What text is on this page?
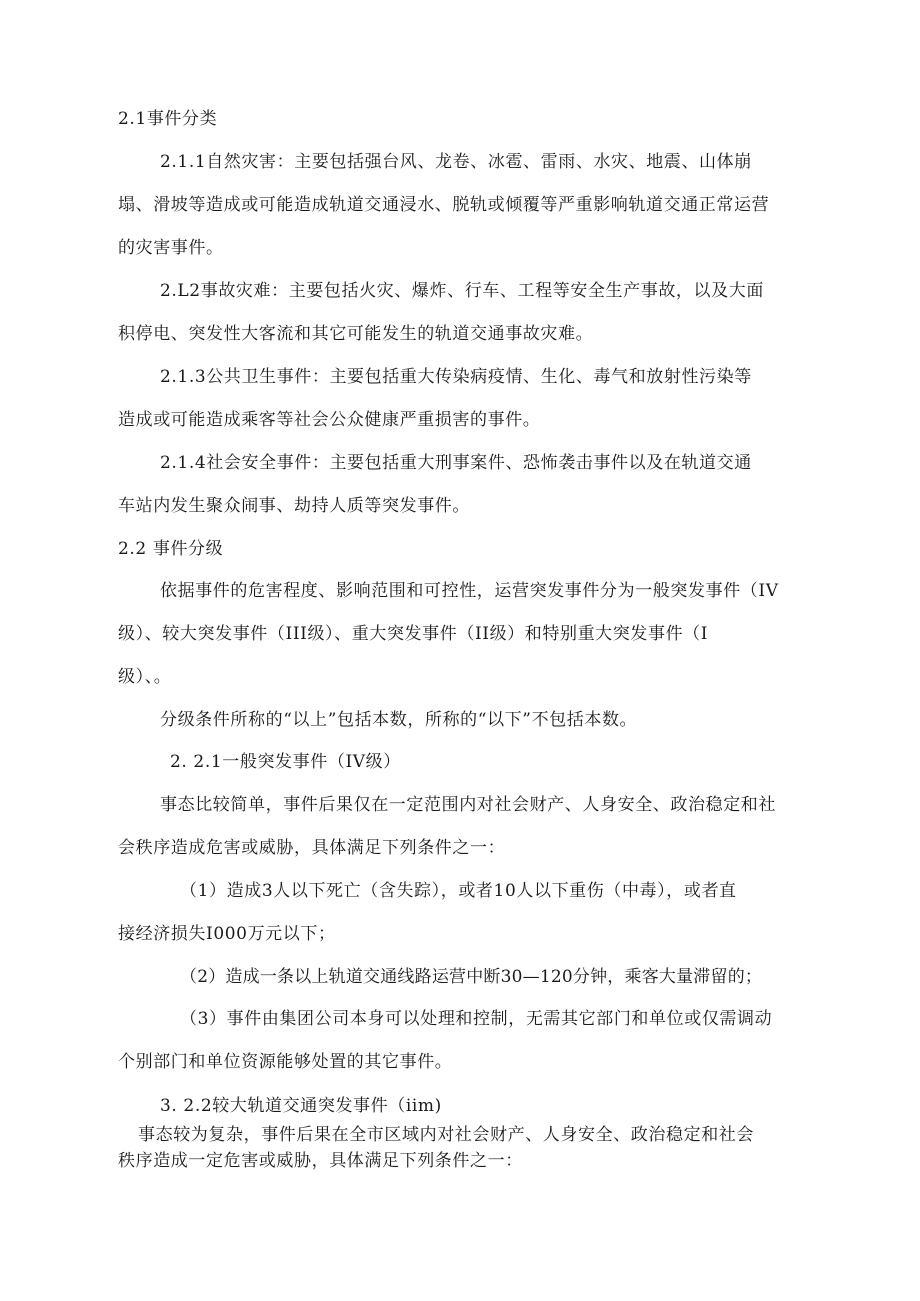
2.1事件分类
2.1.1自然灾害：主要包括强台风、龙卷、冰雹、雷雨、水灾、地震、山体崩
塌、滑坡等造成或可能造成轨道交通浸水、脱轨或倾覆等严重影响轨道交通正常运营
的灾害事件。
2.L2事故灾难：主要包括火灾、爆炸、行车、工程等安全生产事故，以及大面
积停电、突发性大客流和其它可能发生的轨道交通事故灾难。
2.1.3公共卫生事件：主要包括重大传染病疫情、生化、毒气和放射性污染等
造成或可能造成乘客等社会公众健康严重损害的事件。
2.1.4社会安全事件：主要包括重大刑事案件、恐怖袭击事件以及在轨道交通
车站内发生聚众闹事、劫持人质等突发事件。
2.2 事件分级
依据事件的危害程度、影响范围和可控性，运营突发事件分为一般突发事件（IV
级）、较大突发事件（III级）、重大突发事件（II级）和特别重大突发事件（I
级）、。
分级条件所称的“以上”包括本数，所称的“以下”不包括本数。
2. 2.1一般突发事件（IV级）
事态比较简单，事件后果仅在一定范围内对社会财产、人身安全、政治稳定和社
会秩序造成危害或威胁，具体满足下列条件之一：
（1）造成3人以下死亡（含失踪），或者10人以下重伤（中毒），或者直
接经济损失I000万元以下；
（2）造成一条以上轨道交通线路运营中断30—120分钟，乘客大量滞留的；
（3）事件由集团公司本身可以处理和控制，无需其它部门和单位或仅需调动
个别部门和单位资源能够处置的其它事件。
3. 2.2较大轨道交通突发事件（iim)
事态较为复杂，事件后果在全市区域内对社会财产、人身安全、政治稳定和社会
秩序造成一定危害或威胁，具体满足下列条件之一：
